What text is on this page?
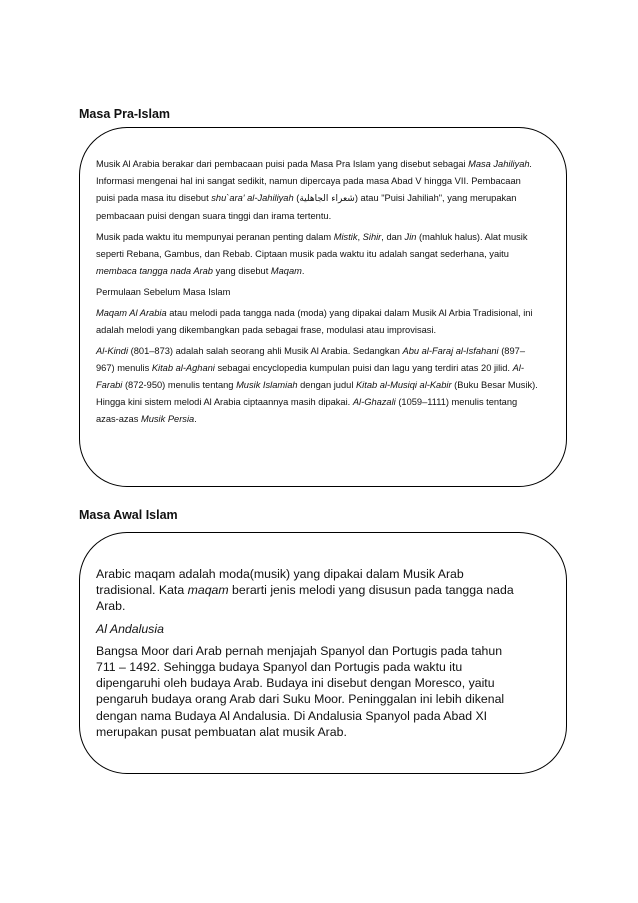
Masa Pra-Islam

Musik Al Arabia berakar dari pembacaan puisi pada Masa Pra Islam yang disebut sebagai Masa Jahiliyah. Informasi mengenai hal ini sangat sedikit, namun dipercaya pada masa Abad V hingga VII. Pembacaan puisi pada masa itu disebut shu`ara' al-Jahiliyah (شعراء الجاهلية) atau "Puisi Jahiliah", yang merupakan pembacaan puisi dengan suara tinggi dan irama tertentu.

Musik pada waktu itu mempunyai peranan penting dalam Mistik, Sihir, dan Jin (mahluk halus). Alat musik seperti Rebana, Gambus, dan Rebab. Ciptaan musik pada waktu itu adalah sangat sederhana, yaitu membaca tangga nada Arab yang disebut Maqam.

Permulaan Sebelum Masa Islam

Maqam Al Arabia atau melodi pada tangga nada (moda) yang dipakai dalam Musik Al Arbia Tradisional, ini adalah melodi yang dikembangkan pada sebagai frase, modulasi atau improvisasi.

Al-Kindi (801–873) adalah salah seorang ahli Musik Al Arabia. Sedangkan Abu al-Faraj al-Isfahani (897–967) menulis Kitab al-Aghani sebagai encyclopedia kumpulan puisi dan lagu yang terdiri atas 20 jilid. Al-Farabi (872-950) menulis tentang Musik Islamiah dengan judul Kitab al-Musiqi al-Kabir (Buku Besar Musik). Hingga kini sistem melodi Al Arabia ciptaannya masih dipakai. Al-Ghazali (1059–1111) menulis tentang azas-azas Musik Persia.

Masa Awal Islam

Arabic maqam adalah moda(musik) yang dipakai dalam Musik Arab tradisional. Kata maqam berarti jenis melodi yang disusun pada tangga nada Arab.

Al Andalusia

Bangsa Moor dari Arab pernah menjajah Spanyol dan Portugis pada tahun 711 – 1492. Sehingga budaya Spanyol dan Portugis pada waktu itu dipengaruhi oleh budaya Arab. Budaya ini disebut dengan Moresco, yaitu pengaruh budaya orang Arab dari Suku Moor. Peninggalan ini lebih dikenal dengan nama Budaya Al Andalusia. Di Andalusia Spanyol pada Abad XI merupakan pusat pembuatan alat musik Arab.
